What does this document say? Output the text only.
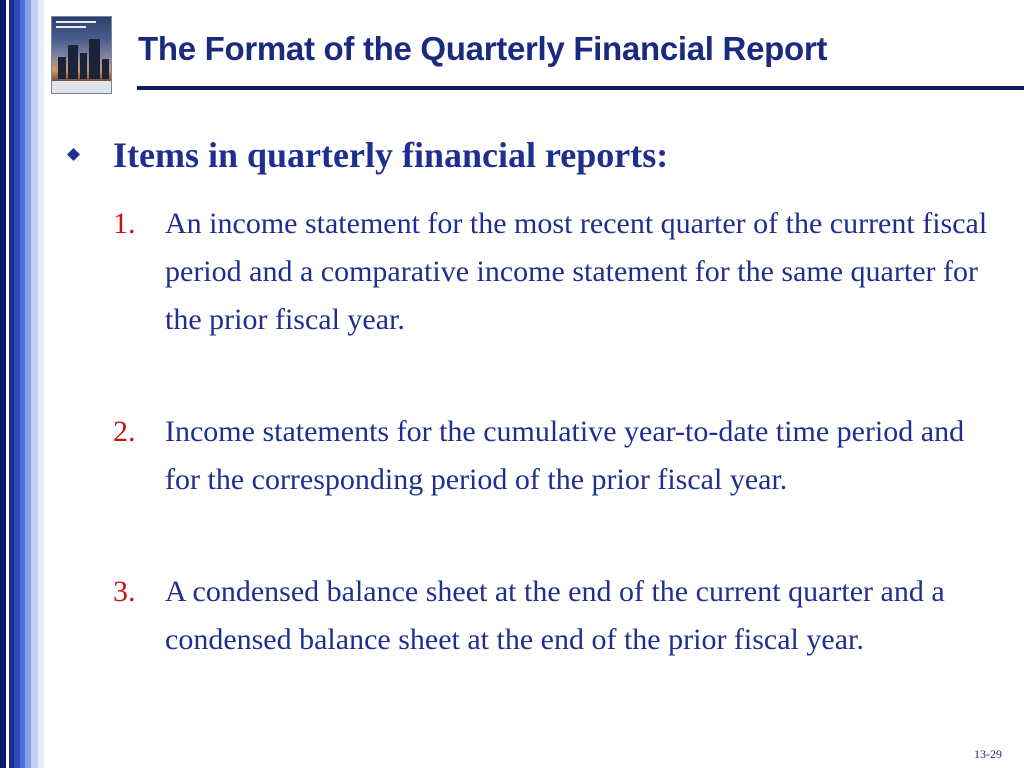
The Format of the Quarterly Financial Report
Items in quarterly financial reports:
1. An income statement for the most recent quarter of the current fiscal period and a comparative income statement for the same quarter for the prior fiscal year.
2. Income statements for the cumulative year-to-date time period and for the corresponding period of the prior fiscal year.
3. A condensed balance sheet at the end of the current quarter and a condensed balance sheet at the end of the prior fiscal year.
13-29
